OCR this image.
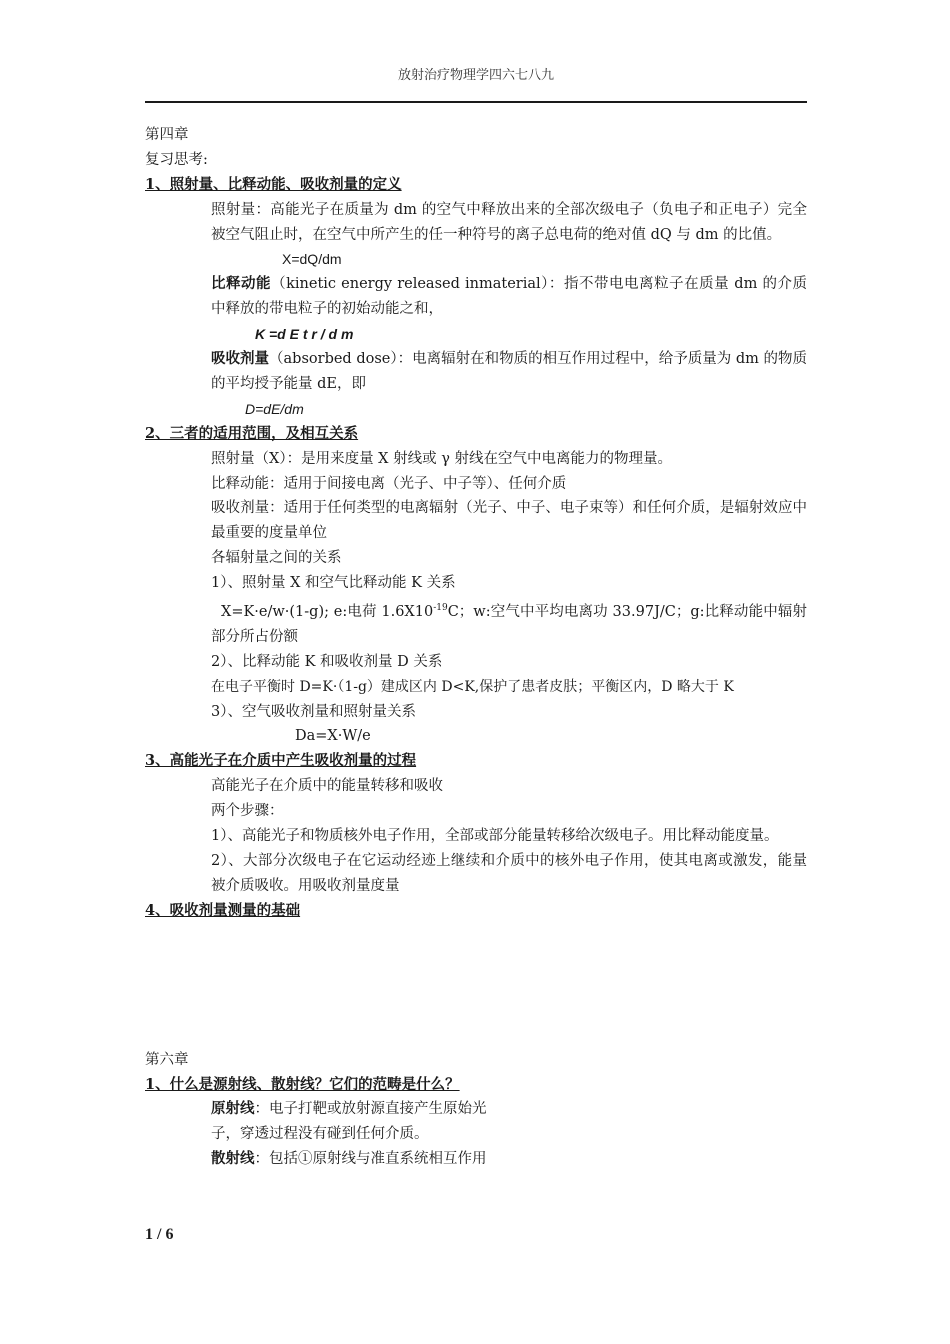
放射治疗物理学四六七八九
第四章
复习思考:
1、照射量、比释动能、吸收剂量的定义

照射量：高能光子在质量为 dm 的空气中释放出来的全部次级电子（负电子和正电子）完全被空气阻止时，在空气中所产生的任一种符号的离子总电荷的绝对值 dQ 与 dm 的比值。

X=dQ/dm

比释动能（kinetic energy released inmaterial）：指不带电电离粒子在质量 dm 的介质中释放的带电粒子的初始动能之和，

K =d E t r / d m

吸收剂量（absorbed dose）：电离辐射在和物质的相互作用过程中，给予质量为 dm 的物质的平均授予能量 dE，即

D=dE/dm
2、三者的适用范围，及相互关系

照射量（X）：是用来度量 X 射线或 γ 射线在空气中电离能力的物理量。

比释动能：适用于间接电离（光子、中子等）、任何介质

吸收剂量：适用于任何类型的电离辐射（光子、中子、电子束等）和任何介质，是辐射效应中最重要的度量单位

各辐射量之间的关系

1）、照射量 X 和空气比释动能 K 关系

X=K·e/w·(1-g); e:电荷 $1.6X10^{-19}C$；w:空气中平均电离功 33.97J/C；g:比释动能中辐射部分所占份额

2）、比释动能 K 和吸收剂量 D 关系

在电子平衡时 D=K·（1-g）建成区内 D<K,保护了患者皮肤；平衡区内，D 略大于 K

3）、空气吸收剂量和照射量关系

Da=X·W/e

3、高能光子在介质中产生吸收剂量的过程

高能光子在介质中的能量转移和吸收

两个步骤：

1）、高能光子和物质核外电子作用，全部或部分能量转移给次级电子。用比释动能度量。

2）、大部分次级电子在它运动经迹上继续和介质中的核外电子作用，使其电离或激发，能量被介质吸收。用吸收剂量度量

4、吸收剂量测量的基础
第六章
1、什么是源射线、散射线？它们的范畴是什么？

原射线：电子打靶或放射源直接产生原始光

子，穿透过程没有碰到任何介质。

散射线：包括①原射线与准直系统相互作用

1 / 6
